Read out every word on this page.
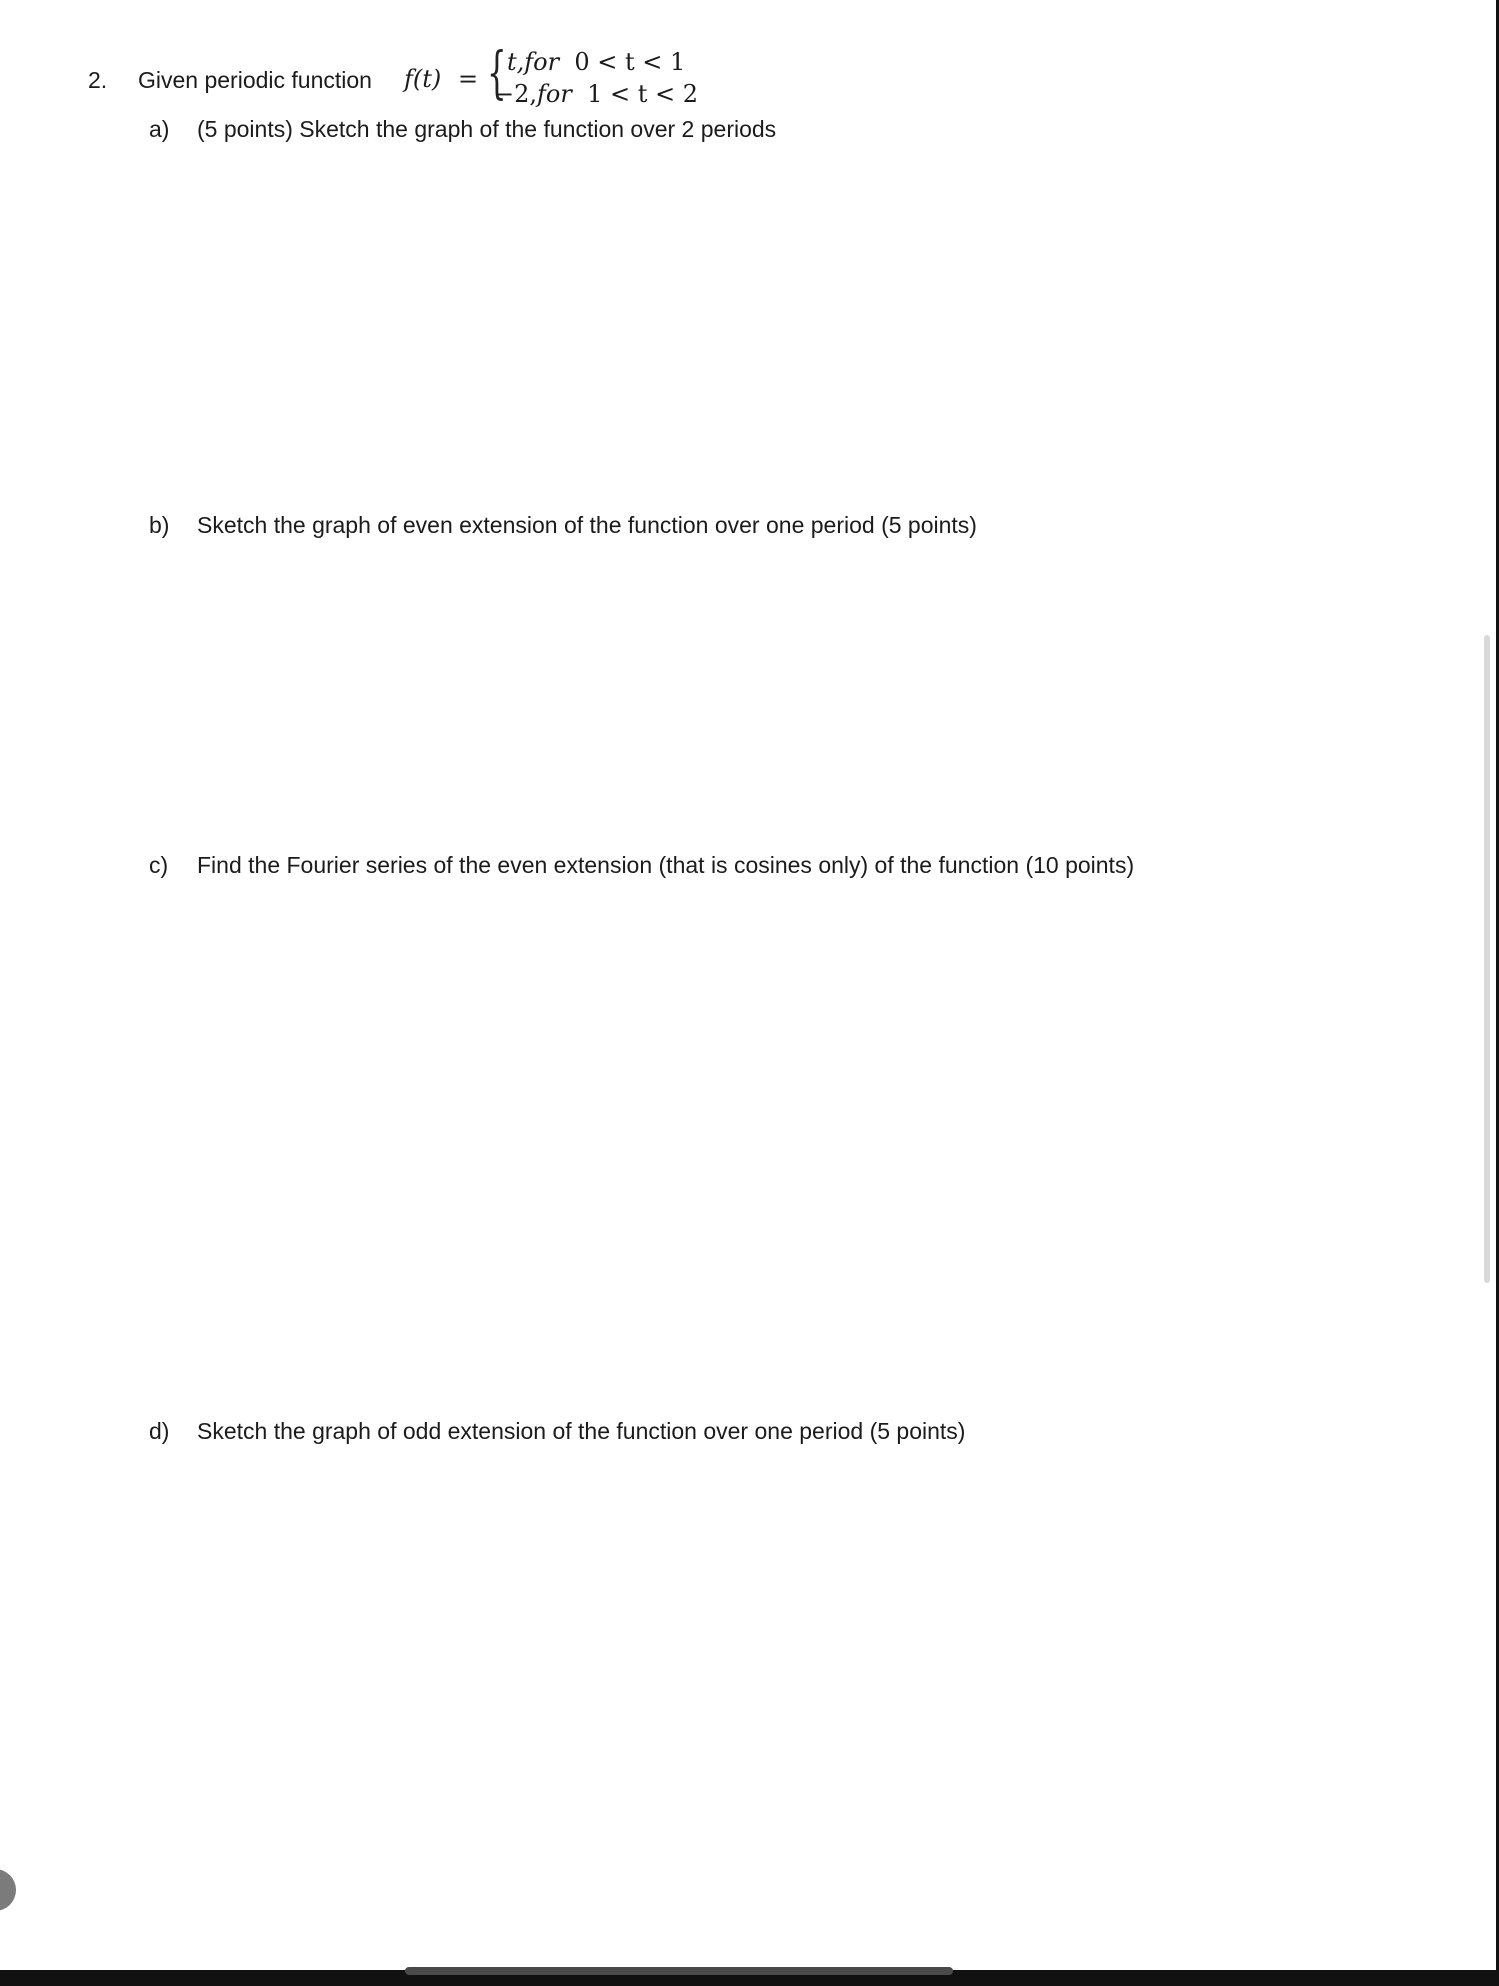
2. Given periodic function f(t) = { t,for 0 < t < 1
−2,for 1 < t < 2
a) (5 points) Sketch the graph of the function over 2 periods
b) Sketch the graph of even extension of the function over one period (5 points)
c) Find the Fourier series of the even extension (that is cosines only) of the function (10 points)
d) Sketch the graph of odd extension of the function over one period (5 points)
